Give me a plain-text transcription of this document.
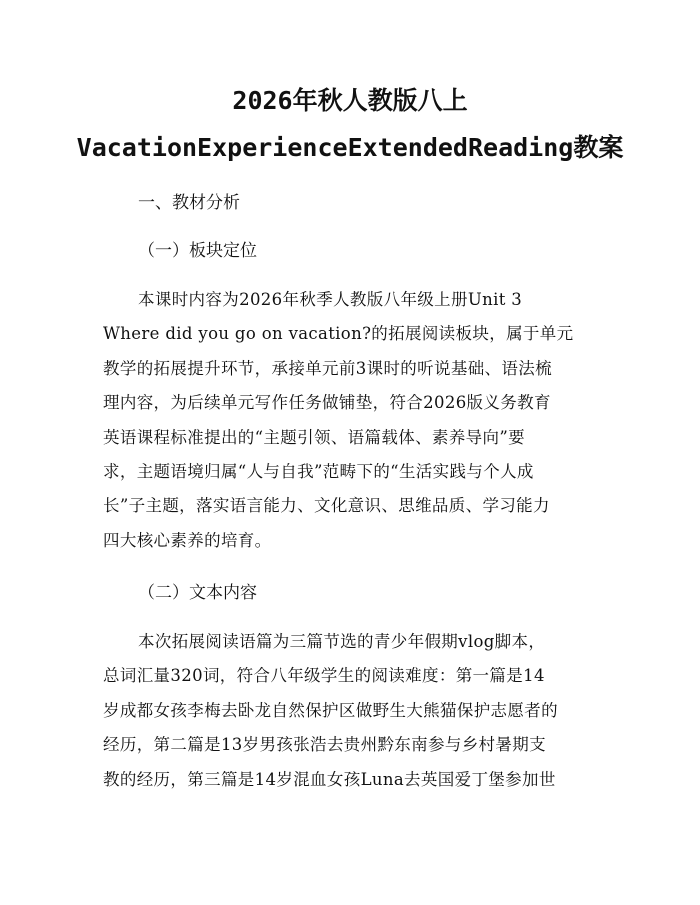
2026年秋人教版八上
VacationExperienceExtendedReading教案
一、教材分析
（一）板块定位
本课时内容为2026年秋季人教版八年级上册Unit 3
Where did you go on vacation?的拓展阅读板块，属于单元
教学的拓展提升环节，承接单元前3课时的听说基础、语法梳
理内容，为后续单元写作任务做铺垫，符合2026版义务教育
英语课程标准提出的“主题引领、语篇载体、素养导向”要
求，主题语境归属“人与自我”范畴下的“生活实践与个人成
长”子主题，落实语言能力、文化意识、思维品质、学习能力
四大核心素养的培育。
（二）文本内容
本次拓展阅读语篇为三篇节选的青少年假期vlog脚本，
总词汇量320词，符合八年级学生的阅读难度：第一篇是14
岁成都女孩李梅去卧龙自然保护区做野生大熊猫保护志愿者的
经历，第二篇是13岁男孩张浩去贵州黔东南参与乡村暑期支
教的经历，第三篇是14岁混血女孩Luna去英国爱丁堡参加世
